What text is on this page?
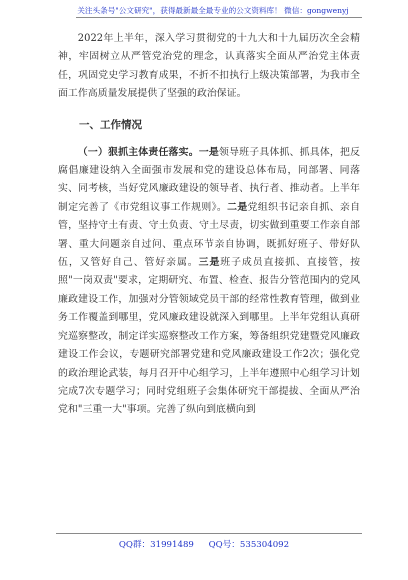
关注头条号"公文研究"，获得最新最全最专业的公文资料库！ 微信：gongwenyj

2022年上半年，深入学习贯彻党的十九大和十九届历次全会精神，牢固树立从严管党治党的理念，认真落实全面从严治党主体责任，巩固党史学习教育成果，不折不扣执行上级决策部署，为我市全面工作高质量发展提供了坚强的政治保证。

一、工作情况

（一）狠抓主体责任落实。一是领导班子具体抓、抓具体，把反腐倡廉建设纳入全面强市发展和党的建设总体布局，同部署、同落实、同考核，当好党风廉政建设的领导者、执行者、推动者。上半年制定完善了《市党组议事工作规则》。二是党组织书记亲自抓、亲自管，坚持守土有责、守土负责、守土尽责，切实做到重要工作亲自部署、重大问题亲自过问、重点环节亲自协调，既抓好班子、带好队伍，又管好自己、管好亲属。三是班子成员直接抓、直接管，按照"一岗双责"要求，定期研究、布置、检查、报告分管范围内的党风廉政建设工作，加强对分管领域党员干部的经常性教育管理，做到业务工作覆盖到哪里，党风廉政建设就深入到哪里。上半年党组认真研究巡察整改，制定详实巡察整改工作方案，筹备组织党建暨党风廉政建设工作会议，专题研究部署党建和党风廉政建设工作2次；强化党的政治理论武装，每月召开中心组学习，上半年遵照中心组学习计划完成7次专题学习；同时党组班子会集体研究干部提拔、全面从严治党和"三重一大"事项。完善了纵向到底横向到

QQ群：31991489 QQ号：535304092
